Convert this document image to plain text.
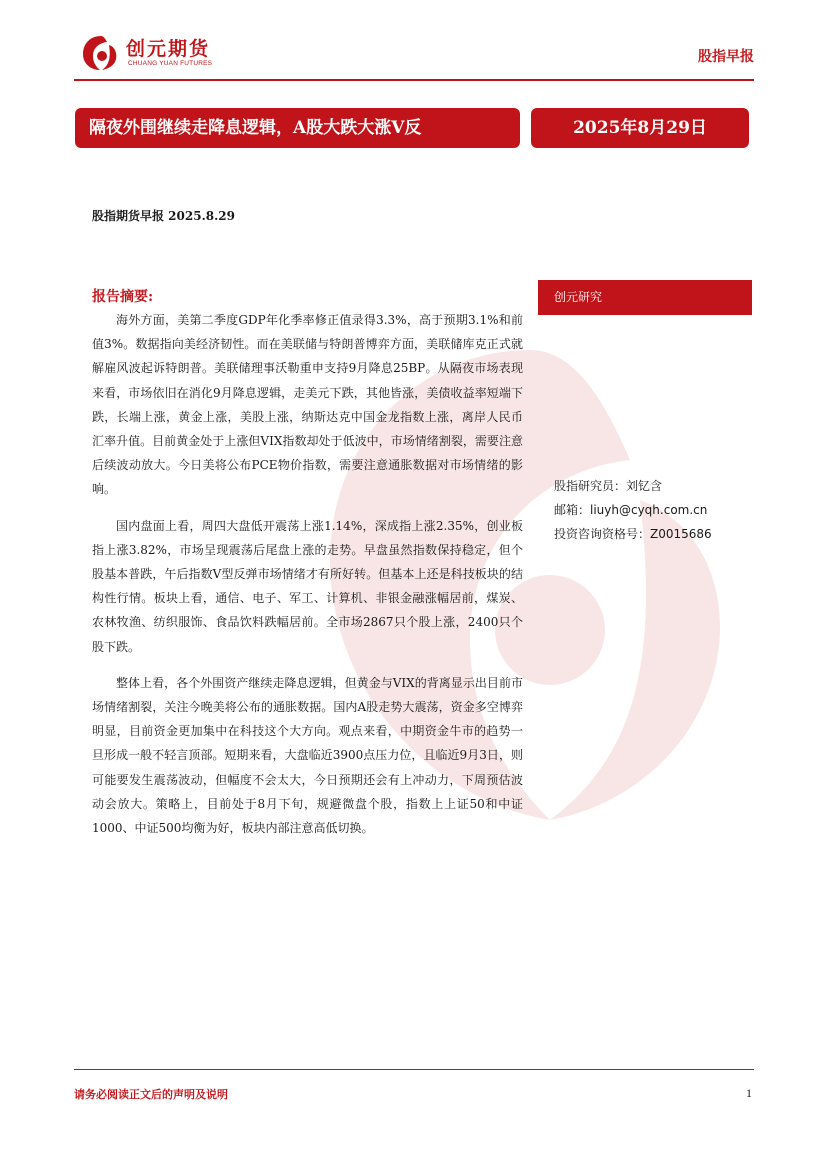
创元期货
CHUANG YUAN FUTURES	股指早报
隔夜外围继续走降息逻辑，A股大跌大涨V反	2025年8月29日
股指期货早报 2025.8.29
报告摘要:

海外方面，美第二季度GDP年化季率修正值录得3.3%，高于预期3.1%和前值3%。数据指向美经济韧性。而在美联储与特朗普博弈方面，美联储库克正式就解雇风波起诉特朗普。美联储理事沃勒重申支持9月降息25BP。从隔夜市场表现来看，市场依旧在消化9月降息逻辑，走美元下跌，其他皆涨，美债收益率短端下跌，长端上涨，黄金上涨，美股上涨，纳斯达克中国金龙指数上涨，离岸人民币汇率升值。目前黄金处于上涨但VIX指数却处于低波中，市场情绪割裂，需要注意后续波动放大。今日美将公布PCE物价指数，需要注意通胀数据对市场情绪的影响。

国内盘面上看，周四大盘低开震荡上涨1.14%，深成指上涨2.35%，创业板指上涨3.82%，市场呈现震荡后尾盘上涨的走势。早盘虽然指数保持稳定，但个股基本普跌，午后指数V型反弹市场情绪才有所好转。但基本上还是科技板块的结构性行情。板块上看，通信、电子、军工、计算机、非银金融涨幅居前，煤炭、农林牧渔、纺织服饰、食品饮料跌幅居前。全市场2867只个股上涨，2400只个股下跌。

整体上看，各个外围资产继续走降息逻辑，但黄金与VIX的背离显示出目前市场情绪割裂，关注今晚美将公布的通胀数据。国内A股走势大震荡，资金多空博弈明显，目前资金更加集中在科技这个大方向。观点来看，中期资金牛市的趋势一旦形成一般不轻言顶部。短期来看，大盘临近3900点压力位，且临近9月3日，则可能要发生震荡波动，但幅度不会太大，今日预期还会有上冲动力，下周预估波动会放大。策略上，目前处于8月下旬，规避微盘个股，指数上上证50和中证1000、中证500均衡为好，板块内部注意高低切换。

创元研究
股指研究员：刘钇含
邮箱：liuyh@cyqh.com.cn
投资咨询资格号：Z0015686
请务必阅读正文后的声明及说明	1
